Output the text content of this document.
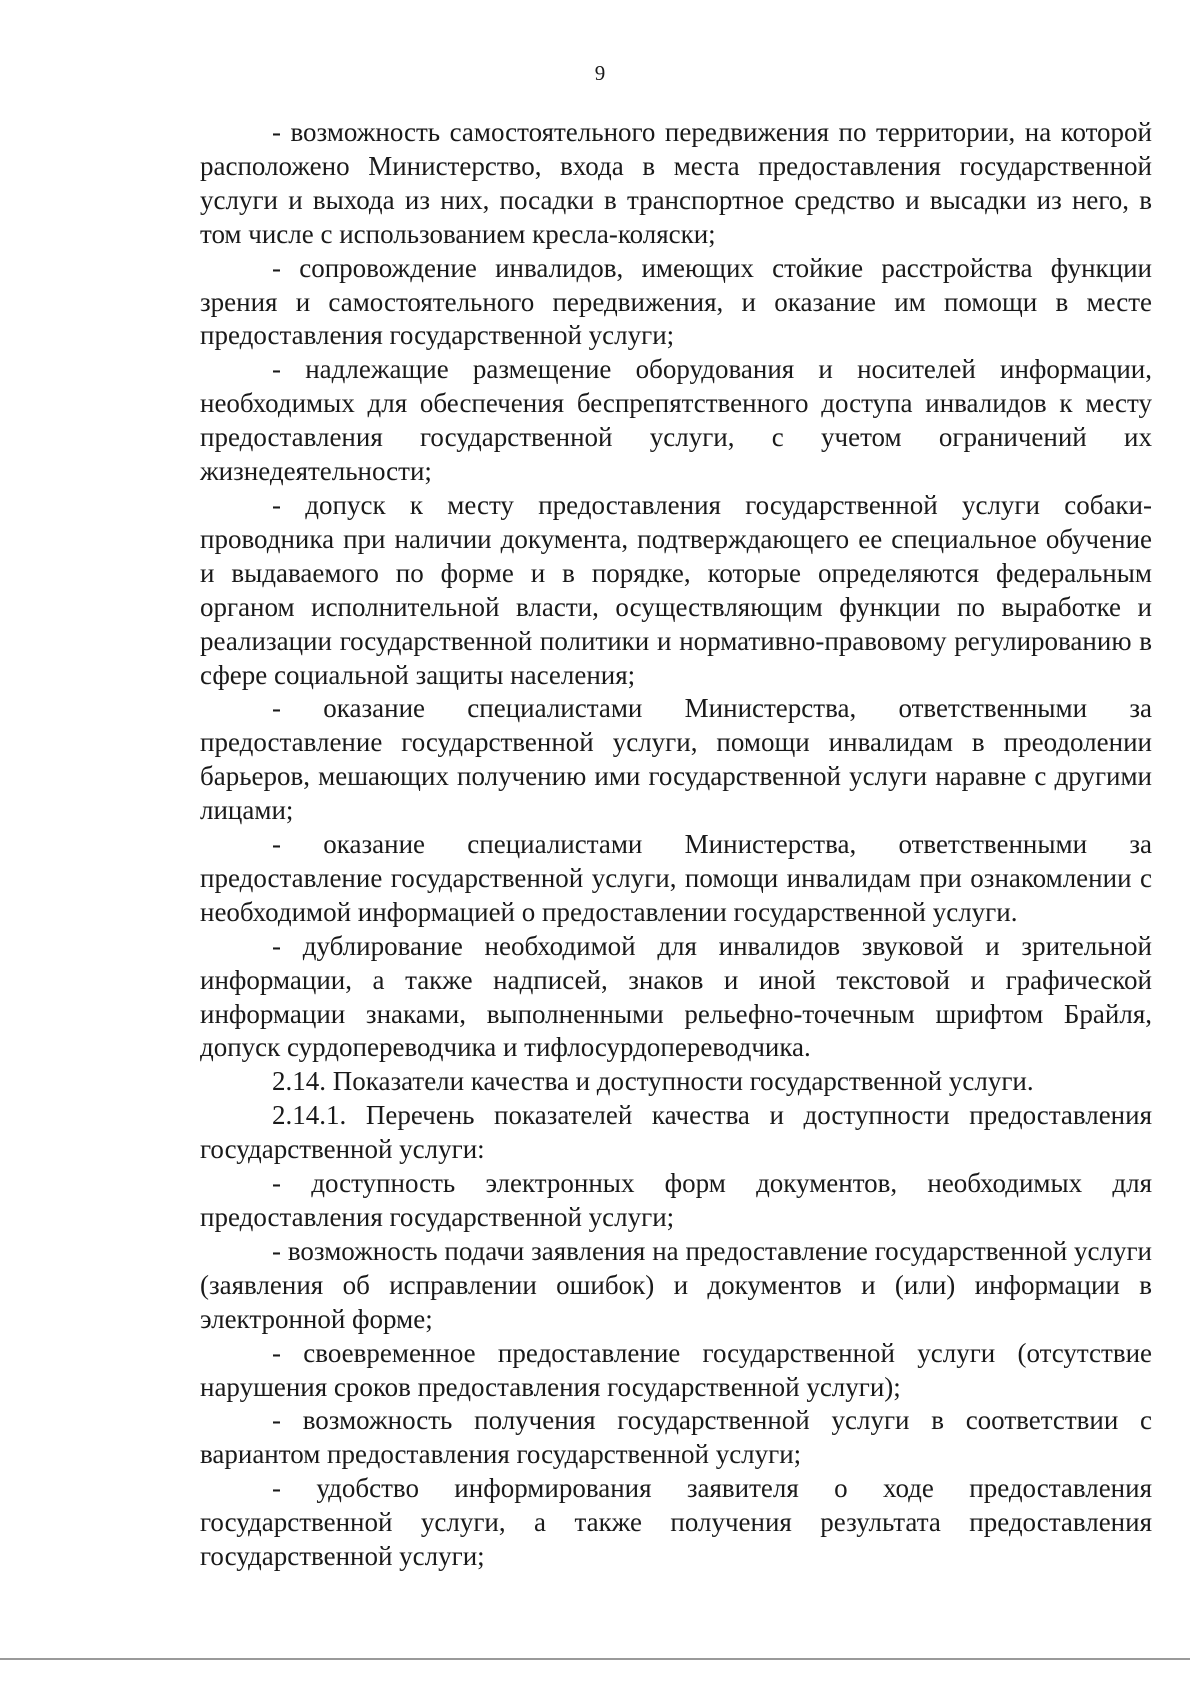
9

- возможность самостоятельного передвижения по территории, на которой расположено Министерство, входа в места предоставления государственной услуги и выхода из них, посадки в транспортное средство и высадки из него, в том числе с использованием кресла-коляски;

- сопровождение инвалидов, имеющих стойкие расстройства функции зрения и самостоятельного передвижения, и оказание им помощи в месте предоставления государственной услуги;

- надлежащие размещение оборудования и носителей информации, необходимых для обеспечения беспрепятственного доступа инвалидов к месту предоставления государственной услуги, с учетом ограничений их жизнедеятельности;

- допуск к месту предоставления государственной услуги собаки-проводника при наличии документа, подтверждающего ее специальное обучение и выдаваемого по форме и в порядке, которые определяются федеральным органом исполнительной власти, осуществляющим функции по выработке и реализации государственной политики и нормативно-правовому регулированию в сфере социальной защиты населения;

- оказание специалистами Министерства, ответственными за предоставление государственной услуги, помощи инвалидам в преодолении барьеров, мешающих получению ими государственной услуги наравне с другими лицами;

- оказание специалистами Министерства, ответственными за предоставление государственной услуги, помощи инвалидам при ознакомлении с необходимой информацией о предоставлении государственной услуги.

- дублирование необходимой для инвалидов звуковой и зрительной информации, а также надписей, знаков и иной текстовой и графической информации знаками, выполненными рельефно-точечным шрифтом Брайля, допуск сурдопереводчика и тифлосурдопереводчика.

2.14. Показатели качества и доступности государственной услуги.

2.14.1. Перечень показателей качества и доступности предоставления государственной услуги:

- доступность электронных форм документов, необходимых для предоставления государственной услуги;

- возможность подачи заявления на предоставление государственной услуги (заявления об исправлении ошибок) и документов и (или) информации в электронной форме;

- своевременное предоставление государственной услуги (отсутствие нарушения сроков предоставления государственной услуги);

- возможность получения государственной услуги в соответствии с вариантом предоставления государственной услуги;

- удобство информирования заявителя о ходе предоставления государственной услуги, а также получения результата предоставления государственной услуги;
